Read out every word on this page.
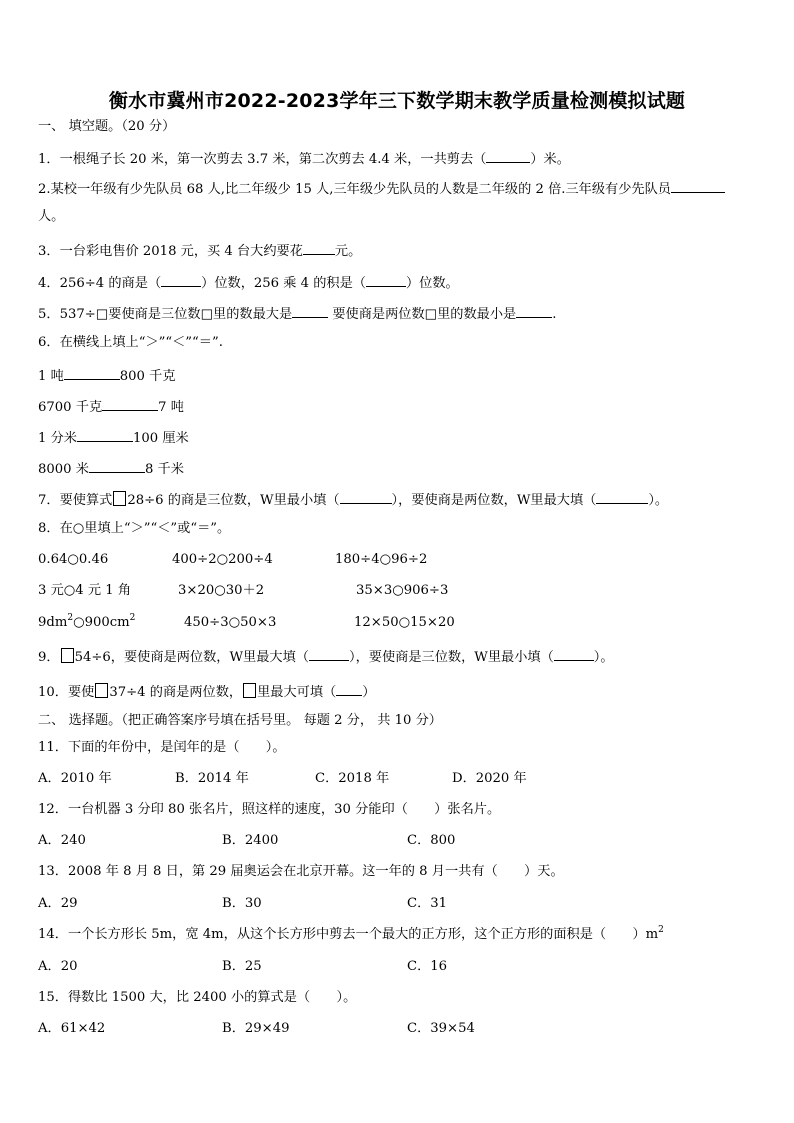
衡水市冀州市2022-2023学年三下数学期末教学质量检测模拟试题
一、 填空题。（20 分）
1．一根绳子长 20 米，第一次剪去 3.7 米，第二次剪去 4.4 米，一共剪去（	）米。
2.某校一年级有少先队员 68 人,比二年级少 15 人,三年级少先队员的人数是二年级的 2 倍.三年级有少先队员
人。
3．一台彩电售价 2018 元，买 4 台大约要花 元。
4．256÷4 的商是（	）位数，256 乘 4 的积是（	）位数。
5．537÷□要使商是三位数□里的数最大是	要使商是两位数□里的数最小是	.
6．在横线上填上“＞”“＜”“＝”.
1 吨	800 千克
6700 千克	7 吨
1 分米	100 厘米
8000 米	8 千米
7．要使算式 28÷6 的商是三位数，W里最小填（	），要使商是两位数，W里最大填（	）。
8．在○里填上“＞”“＜”或“＝”。
0.64○0.46	400÷2○200÷4	180÷4○96÷2
3 元○4 元 1 角	3×20○30＋2	35×3○906÷3
$9dm^2○900cm^2$	450÷3○50×3	12×50○15×20
9． 54÷6，要使商是两位数，W里最大填（	），要使商是三位数，W里最小填（	）。
10．要使 37÷4 的商是两位数， 里最大可填（ ）
二、 选择题。（把正确答案序号填在括号里。 每题 2 分， 共 10 分）
11．下面的年份中，是闰年的是（　　）。
A．2010 年	B．2014 年	C．2018 年	D．2020 年
12．一台机器 3 分印 80 张名片，照这样的速度，30 分能印（　　）张名片。
A．240	B．2400	C．800
13．2008 年 8 月 8 日，第 29 届奥运会在北京开幕。这一年的 8 月一共有（　　）天。
A．29	B．30	C．31
14．一个长方形长 5m，宽 4m，从这个长方形中剪去一个最大的正方形，这个正方形的面积是（　　）$m^2$
A．20	B．25	C．16
15．得数比 1500 大，比 2400 小的算式是（　　）。
A．61×42	B．29×49	C．39×54
